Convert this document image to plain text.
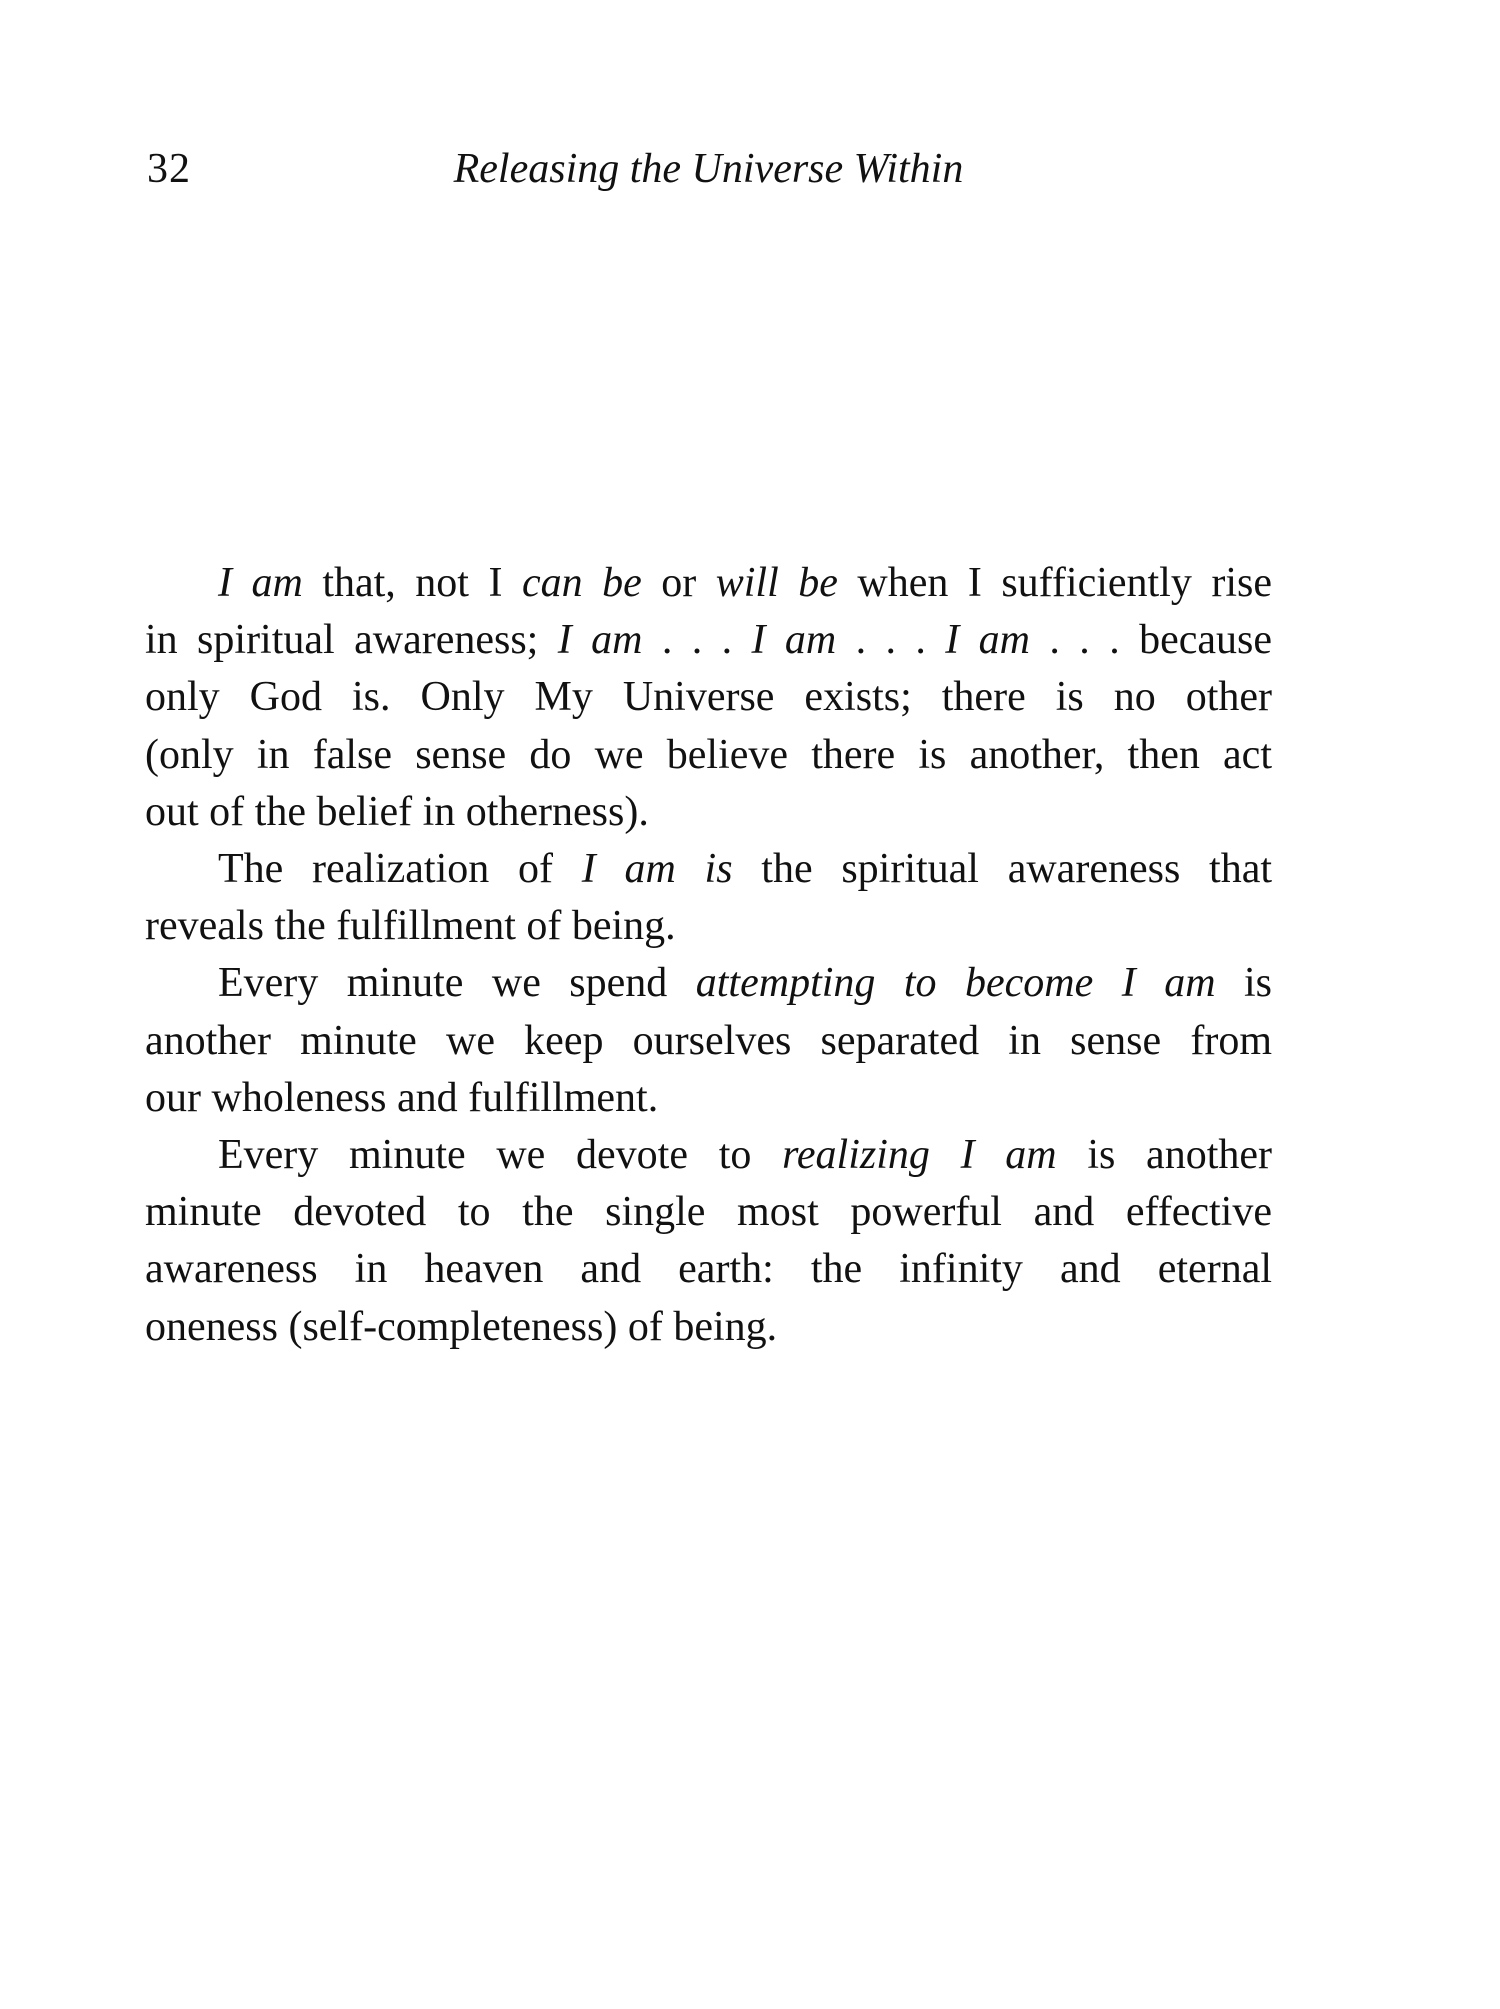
32	Releasing the Universe Within
I am that, not I can be or will be when I sufficiently rise
in spiritual awareness; I am . . . I am . . . I am . . . because
only God is. Only My Universe exists; there is no other
(only in false sense do we believe there is another, then act
out of the belief in otherness).
The realization of I am is the spiritual awareness that
reveals the fulfillment of being.
Every minute we spend attempting to become I am is
another minute we keep ourselves separated in sense from
our wholeness and fulfillment.
Every minute we devote to realizing I am is another
minute devoted to the single most powerful and effective
awareness in heaven and earth: the infinity and eternal
oneness (self-completeness) of being.
